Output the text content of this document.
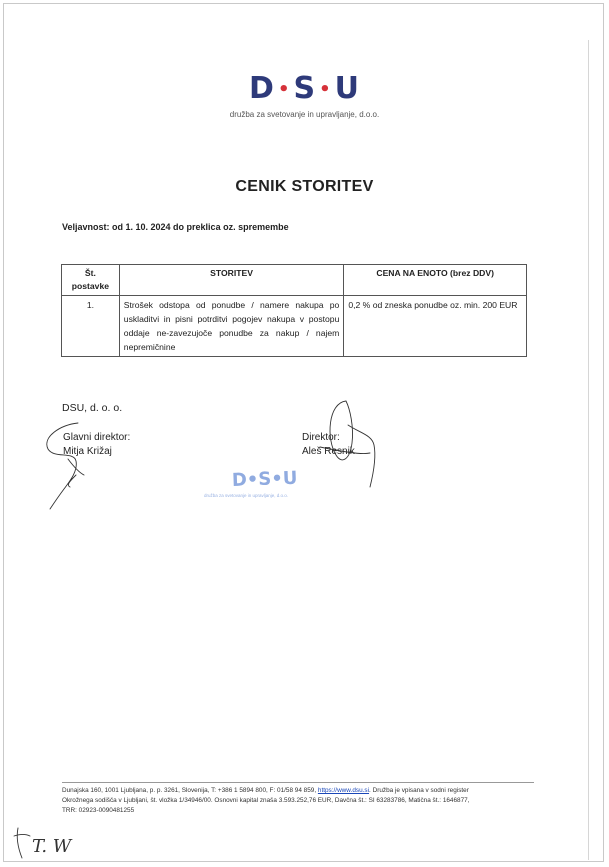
D • S • U
družba za svetovanje in upravljanje, d.o.o.
CENIK STORITEV
Veljavnost: od 1. 10. 2024 do preklica oz. spremembe
Št.
postavke	STORITEV	CENA NA ENOTO (brez DDV)
1.	Strošek odstopa od ponudbe / namere nakupa po uskladitvi in pisni potrditvi pogojev nakupa v postopu oddaje ne-zavezujoče ponudbe za nakup / najem nepremičnine	0,2 % od zneska ponudbe oz. min. 200 EUR
DSU, d. o. o.
Glavni direktor:
Mitja Križaj
Direktor:
Aleš Resnik
D•S•U
družba za svetovanje in upravljanje, d.o.o.
Dunajska 160, 1001 Ljubljana, p. p. 3261, Slovenija, T: +386 1 5894 800, F: 01/58 94 859, https://www.dsu.si. Družba je vpisana v sodni register
Okrožnega sodišča v Ljubljani, št. vložka 1/34946/00. Osnovni kapital znaša 3.593.252,76 EUR, Davčna št.: SI 63283786, Matična št.: 1646877,
TRR: 02923-0090481255
T. W
